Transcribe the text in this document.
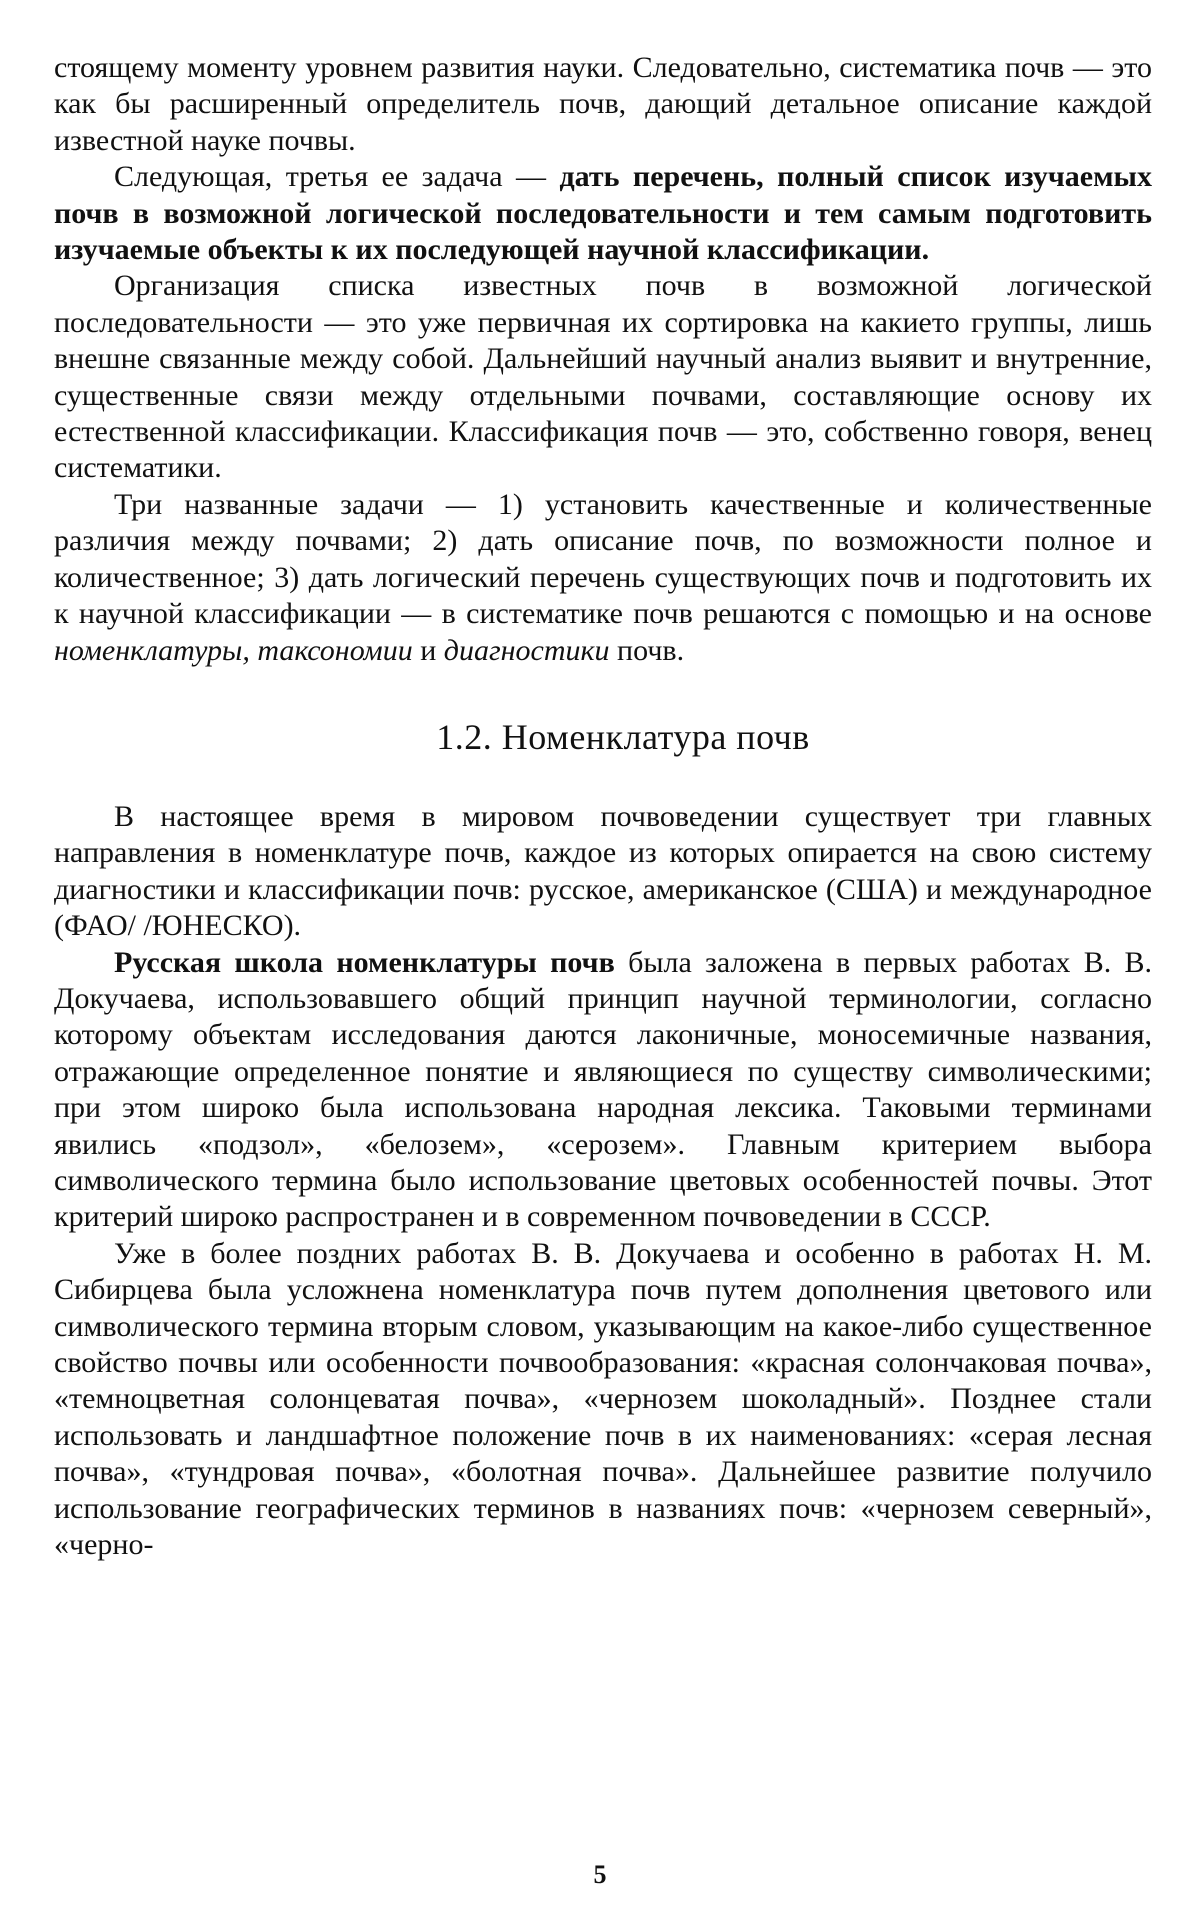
стоящему моменту уровнем развития науки. Следовательно, систематика почв — это как бы расширенный определитель почв, дающий детальное описание каждой известной науке почвы.

Следующая, третья ее задача — дать перечень, полный список изучаемых почв в возможной логической последовательности и тем самым подготовить изучаемые объекты к их последующей научной классификации.

Организация списка известных почв в возможной логической последовательности — это уже первичная их сортировка на какието группы, лишь внешне связанные между собой. Дальнейший научный анализ выявит и внутренние, существенные связи между отдельными почвами, составляющие основу их естественной классификации. Классификация почв — это, собственно говоря, венец систематики.

Три названные задачи — 1) установить качественные и количественные различия между почвами; 2) дать описание почв, по возможности полное и количественное; 3) дать логический перечень существующих почв и подготовить их к научной классификации — в систематике почв решаются с помощью и на основе номенклатуры, таксономии и диагностики почв.

1.2. Номенклатура почв

В настоящее время в мировом почвоведении существует три главных направления в номенклатуре почв, каждое из которых опирается на свою систему диагностики и классификации почв: русское, американское (США) и международное (ФАО/ /ЮНЕСКО).

Русская школа номенклатуры почв была заложена в первых работах В. В. Докучаева, использовавшего общий принцип научной терминологии, согласно которому объектам исследования даются лаконичные, моносемичные названия, отражающие определенное понятие и являющиеся по существу символическими; при этом широко была использована народная лексика. Таковыми терминами явились «подзол», «белозем», «серозем». Главным критерием выбора символического термина было использование цветовых особенностей почвы. Этот критерий широко распространен и в современном почвоведении в СССР.

Уже в более поздних работах В. В. Докучаева и особенно в работах Н. М. Сибирцева была усложнена номенклатура почв путем дополнения цветового или символического термина вторым словом, указывающим на какое-либо существенное свойство почвы или особенности почвообразования: «красная солончаковая почва», «темноцветная солонцеватая почва», «чернозем шоколадный». Позднее стали использовать и ландшафтное положение почв в их наименованиях: «серая лесная почва», «тундровая почва», «болотная почва». Дальнейшее развитие получило использование географических терминов в названиях почв: «чернозем северный», «черно-

5
